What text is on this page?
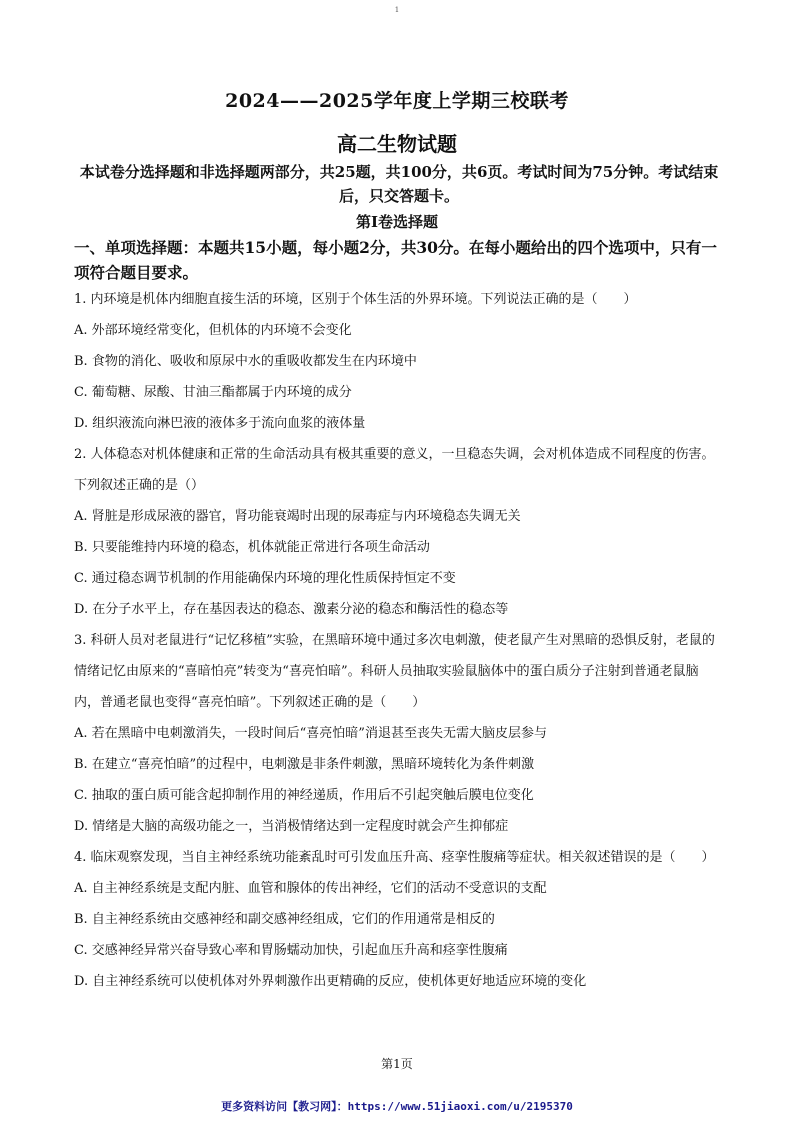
1
2024——2025学年度上学期三校联考
高二生物试题
本试卷分选择题和非选择题两部分，共25题，共100分，共6页。考试时间为75分钟。考试结束后，只交答题卡。
第Ⅰ卷选择题
一、单项选择题：本题共15小题，每小题2分，共30分。在每小题给出的四个选项中，只有一项符合题目要求。

1. 内环境是机体内细胞直接生活的环境，区别于个体生活的外界环境。下列说法正确的是（　　）

A. 外部环境经常变化，但机体的内环境不会变化

B. 食物的消化、吸收和原尿中水的重吸收都发生在内环境中

C. 葡萄糖、尿酸、甘油三酯都属于内环境的成分

D. 组织液流向淋巴液的液体多于流向血浆的液体量

2. 人体稳态对机体健康和正常的生命活动具有极其重要的意义，一旦稳态失调，会对机体造成不同程度的伤害。下列叙述正确的是（）

A. 肾脏是形成尿液的器官，肾功能衰竭时出现的尿毒症与内环境稳态失调无关

B. 只要能维持内环境的稳态，机体就能正常进行各项生命活动

C. 通过稳态调节机制的作用能确保内环境的理化性质保持恒定不变

D. 在分子水平上，存在基因表达的稳态、激素分泌的稳态和酶活性的稳态等

3. 科研人员对老鼠进行“记忆移植”实验，在黑暗环境中通过多次电刺激，使老鼠产生对黑暗的恐惧反射，老鼠的情绪记忆由原来的“喜暗怕亮”转变为“喜亮怕暗”。科研人员抽取实验鼠脑体中的蛋白质分子注射到普通老鼠脑内，普通老鼠也变得“喜亮怕暗”。下列叙述正确的是（　　）

A. 若在黑暗中电刺激消失，一段时间后“喜亮怕暗”消退甚至丧失无需大脑皮层参与

B. 在建立“喜亮怕暗”的过程中，电刺激是非条件刺激，黑暗环境转化为条件刺激

C. 抽取的蛋白质可能含起抑制作用的神经递质，作用后不引起突触后膜电位变化

D. 情绪是大脑的高级功能之一，当消极情绪达到一定程度时就会产生抑郁症

4. 临床观察发现，当自主神经系统功能紊乱时可引发血压升高、痉挛性腹痛等症状。相关叙述错误的是（　　）

A. 自主神经系统是支配内脏、血管和腺体的传出神经，它们的活动不受意识的支配

B. 自主神经系统由交感神经和副交感神经组成，它们的作用通常是相反的

C. 交感神经异常兴奋导致心率和胃肠蠕动加快，引起血压升高和痉挛性腹痛

D. 自主神经系统可以使机体对外界刺激作出更精确的反应，使机体更好地适应环境的变化

第1页
更多资料访问【教习网】：https://www.51jiaoxi.com/u/2195370
